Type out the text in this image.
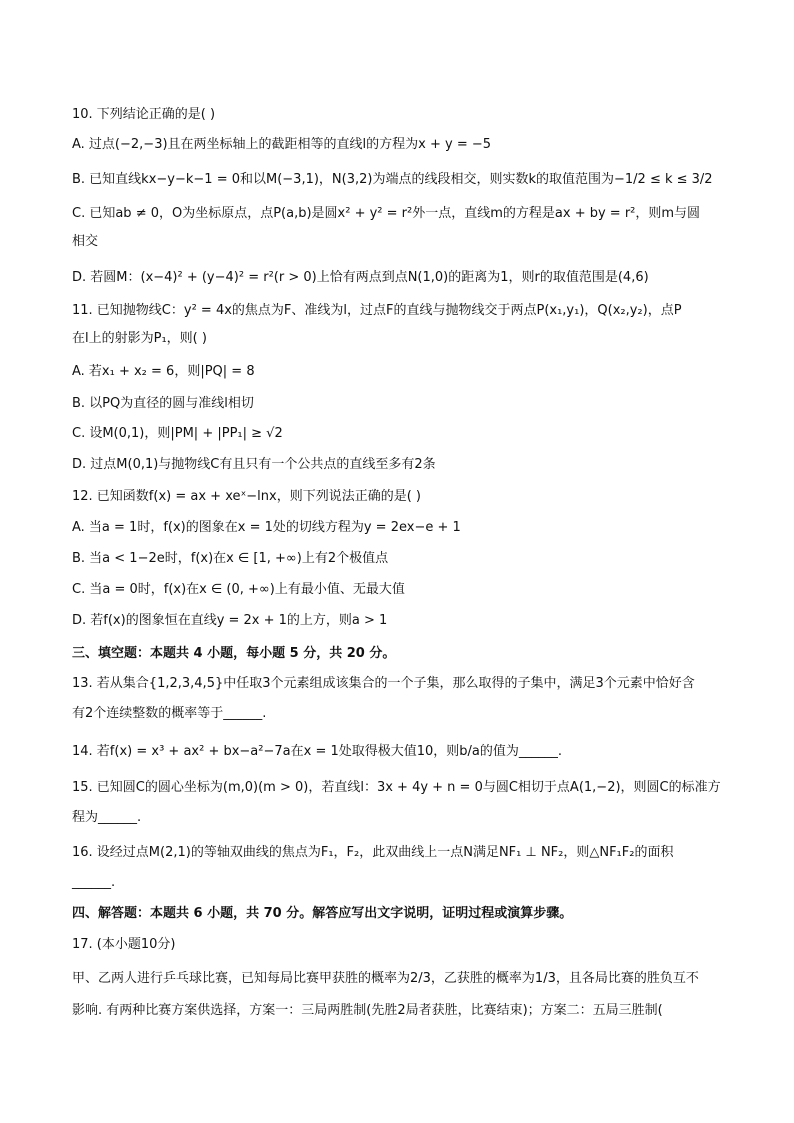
10. 下列结论正确的是( )
A. 过点(−2,−3)且在两坐标轴上的截距相等的直线l的方程为x + y = −5
B. 已知直线kx−y−k−1 = 0和以M(−3,1)，N(3,2)为端点的线段相交，则实数k的取值范围为−1/2 ≤ k ≤ 3/2
C. 已知ab ≠ 0，O为坐标原点，点P(a,b)是圆x² + y² = r²外一点，直线m的方程是ax + by = r²，则m与圆
相交
D. 若圆M：(x−4)² + (y−4)² = r²(r > 0)上恰有两点到点N(1,0)的距离为1，则r的取值范围是(4,6)
11. 已知抛物线C：y² = 4x的焦点为F、准线为l，过点F的直线与抛物线交于两点P(x₁,y₁)，Q(x₂,y₂)，点P
在l上的射影为P₁，则( )
A. 若x₁ + x₂ = 6，则|PQ| = 8
B. 以PQ为直径的圆与准线l相切
C. 设M(0,1)，则|PM| + |PP₁| ≥ √2
D. 过点M(0,1)与抛物线C有且只有一个公共点的直线至多有2条
12. 已知函数f(x) = ax + xeˣ−lnx，则下列说法正确的是( )
A. 当a = 1时，f(x)的图象在x = 1处的切线方程为y = 2ex−e + 1
B. 当a < 1−2e时，f(x)在x ∈ [1, +∞)上有2个极值点
C. 当a = 0时，f(x)在x ∈ (0, +∞)上有最小值、无最大值
D. 若f(x)的图象恒在直线y = 2x + 1的上方，则a > 1
三、填空题：本题共 4 小题，每小题 5 分，共 20 分。
13. 若从集合{1,2,3,4,5}中任取3个元素组成该集合的一个子集，那么取得的子集中，满足3个元素中恰好含
有2个连续整数的概率等于______.
14. 若f(x) = x³ + ax² + bx−a²−7a在x = 1处取得极大值10，则b/a的值为______.
15. 已知圆C的圆心坐标为(m,0)(m > 0)，若直线l：3x + 4y + n = 0与圆C相切于点A(1,−2)，则圆C的标准方
程为______.
16. 设经过点M(2,1)的等轴双曲线的焦点为F₁，F₂，此双曲线上一点N满足NF₁ ⊥ NF₂，则△NF₁F₂的面积
______.
四、解答题：本题共 6 小题，共 70 分。解答应写出文字说明，证明过程或演算步骤。
17. (本小题10分)
甲、乙两人进行乒乓球比赛，已知每局比赛甲获胜的概率为2/3，乙获胜的概率为1/3，且各局比赛的胜负互不
影响. 有两种比赛方案供选择，方案一：三局两胜制(先胜2局者获胜，比赛结束)；方案二：五局三胜制(
